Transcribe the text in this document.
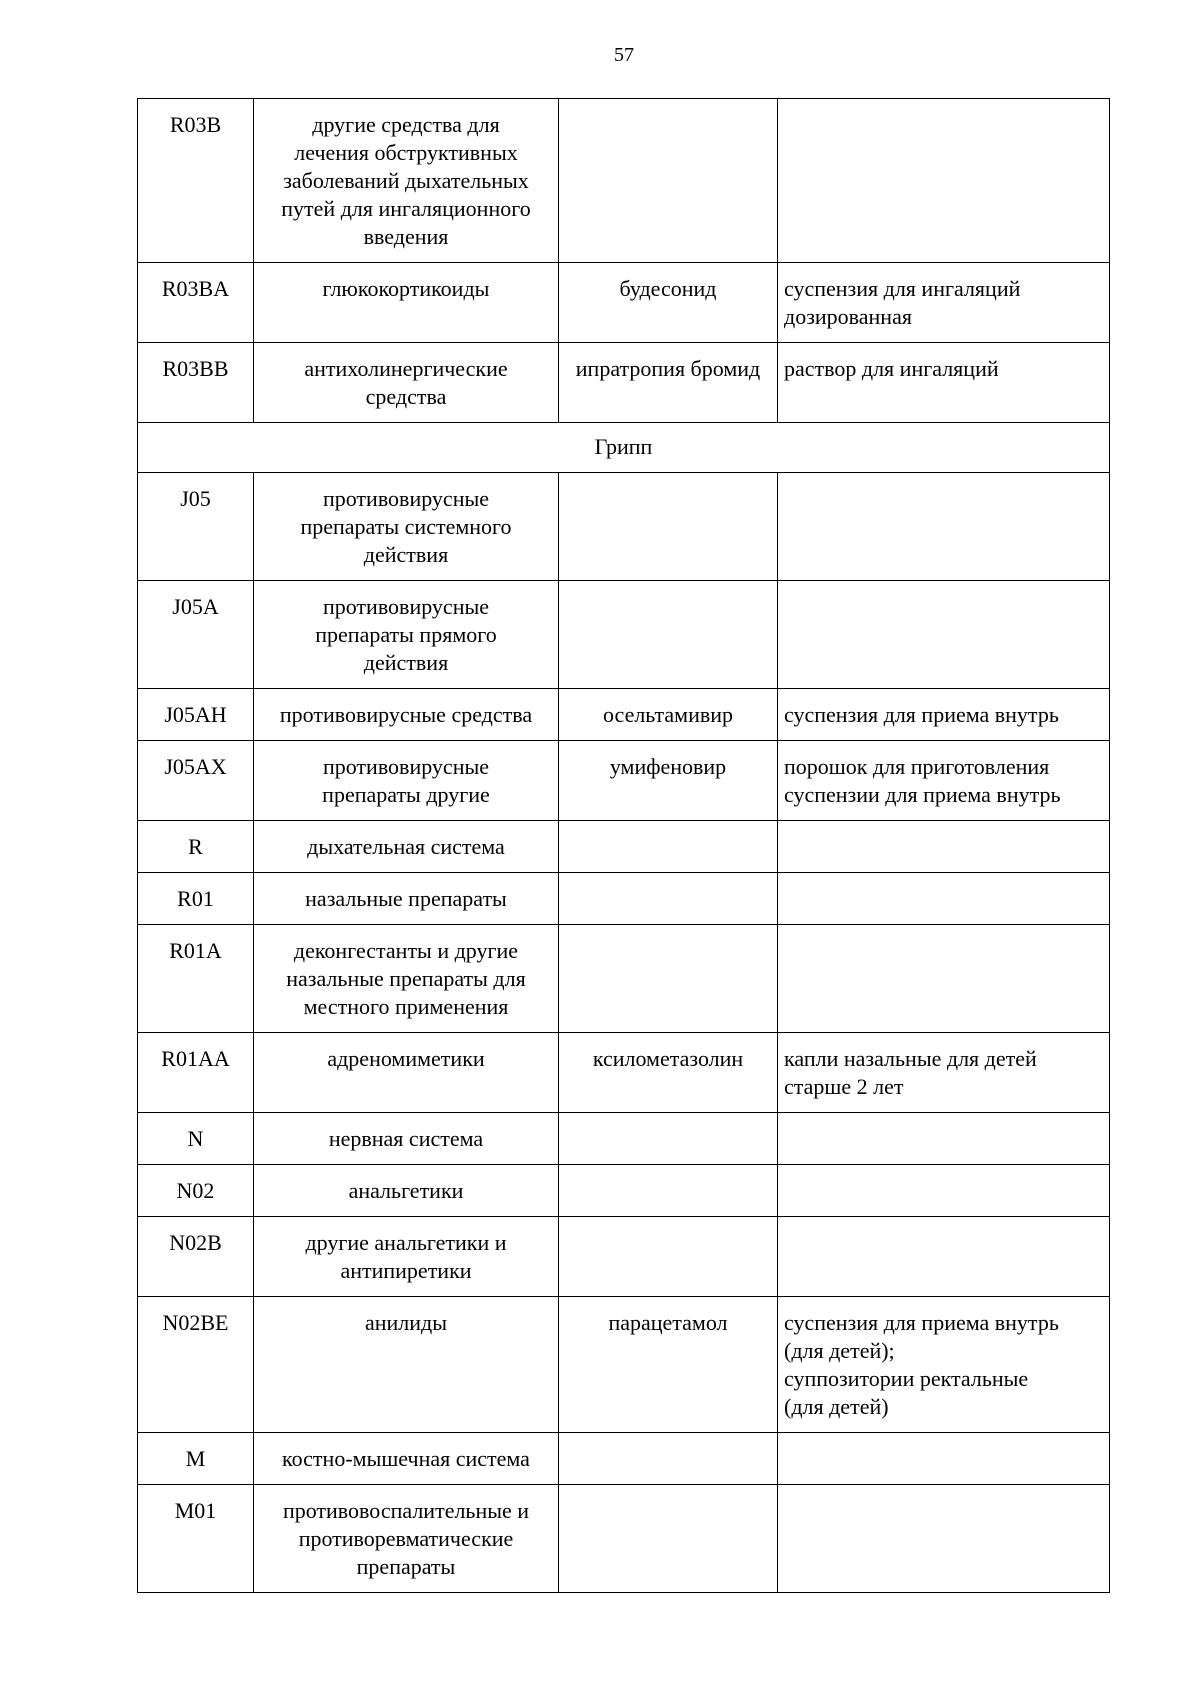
57
R03B	другие средства для
лечения обструктивных
заболеваний дыхательных
путей для ингаляционного
введения		

R03BA	глюкокортикоиды	будесонид	суспензия для ингаляций
дозированная

R03BB	антихолинергические
средства	ипратропия бромид	раствор для ингаляций

Грипп			
J05	противовирусные
препараты системного
действия		

J05A	противовирусные
препараты прямого
действия		

J05AH	противовирусные средства	осельтамивир	суспензия для приема внутрь

J05AX	противовирусные
препараты другие	умифеновир	порошок для приготовления
суспензии для приема внутрь

R	дыхательная система		

R01	назальные препараты		

R01A	деконгестанты и другие
назальные препараты для
местного применения		

R01AA	адреномиметики	ксилометазолин	капли назальные для детей
старше 2 лет

N	нервная система		

N02	анальгетики		

N02B	другие анальгетики и
антипиретики		

N02BE	анилиды	парацетамол	суспензия для приема внутрь
(для детей);
суппозитории ректальные
(для детей)

M	костно-мышечная система		

M01	противовоспалительные и
противоревматические
препараты		
